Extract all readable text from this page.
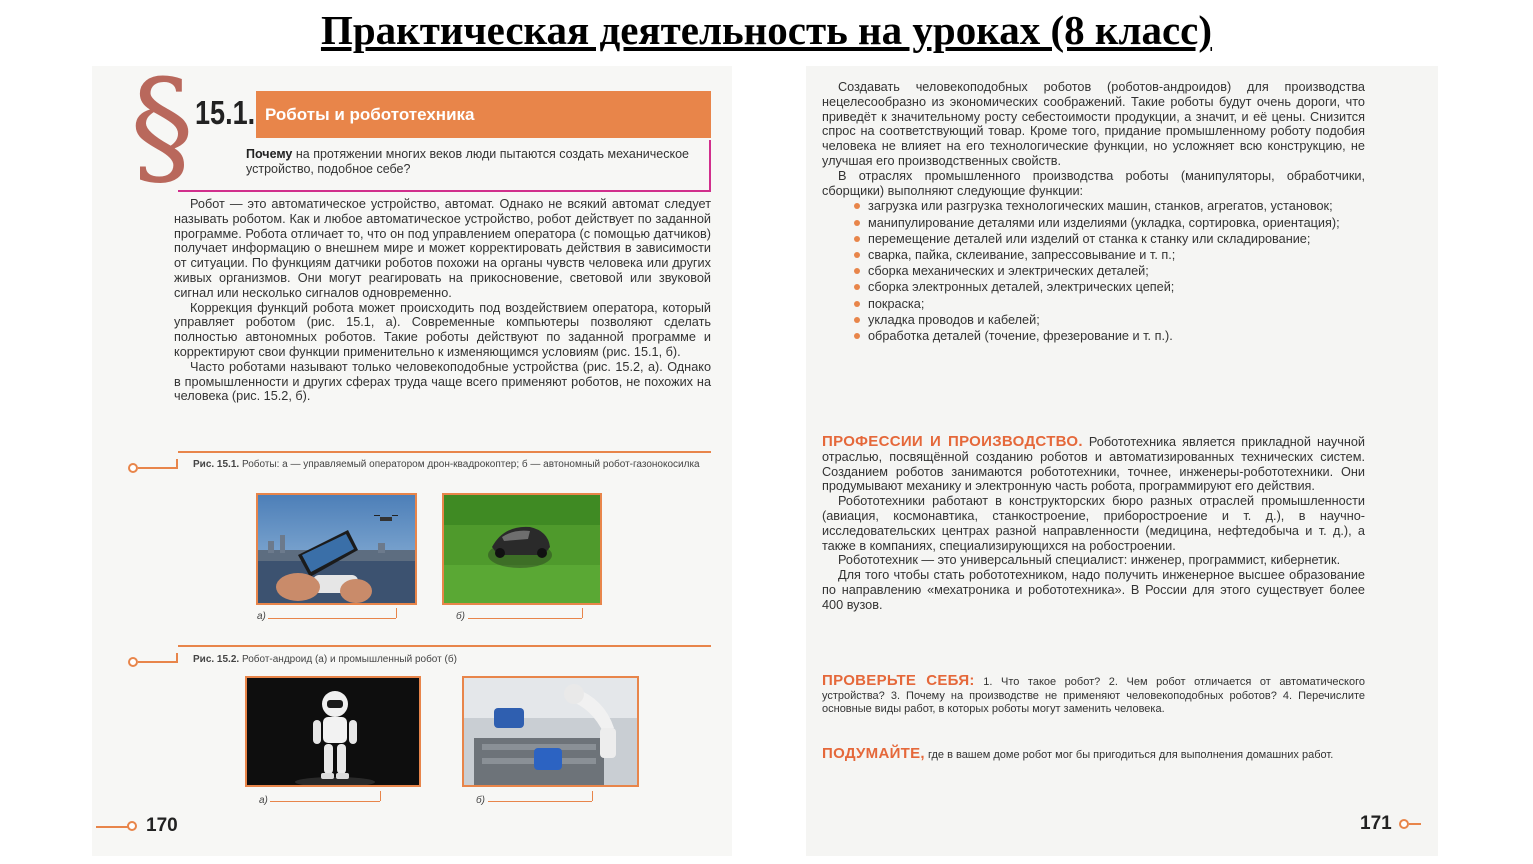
Практическая деятельность на уроках (8 класс)
§ 15.1. Роботы и робототехника
Почему на протяжении многих веков люди пытаются создать механическое устройство, подобное себе?

Робот — это автоматическое устройство, автомат. Однако не всякий автомат следует называть роботом. Как и любое автоматическое устройство, робот действует по заданной программе. Робота отличает то, что он под управлением оператора (с помощью датчиков) получает информацию о внешнем мире и может корректировать действия в зависимости от ситуации. По функциям датчики роботов похожи на органы чувств человека или других живых организмов. Они могут реагировать на прикосновение, световой или звуковой сигнал или несколько сигналов одновременно.

Коррекция функций робота может происходить под воздействием оператора, который управляет роботом (рис. 15.1, а). Современные компьютеры позволяют сделать полностью автономных роботов. Такие роботы действуют по заданной программе и корректируют свои функции применительно к изменяющимся условиям (рис. 15.1, б).

Часто роботами называют только человекоподобные устройства (рис. 15.2, а). Однако в промышленности и других сферах труда чаще всего применяют роботов, не похожих на человека (рис. 15.2, б).

Рис. 15.1. Роботы: а — управляемый оператором дрон-квадрокоптер; б — автономный робот-газонокосилка
а)	б)
Рис. 15.2. Робот-андроид (а) и промышленный робот (б)
а)	б)
170

Создавать человекоподобных роботов (роботов-андроидов) для производства нецелесообразно из экономических соображений. Такие роботы будут очень дороги, что приведёт к значительному росту себестоимости продукции, а значит, и её цены. Снизится спрос на соответствующий товар. Кроме того, придание промышленному роботу подобия человека не влияет на его технологические функции, но усложняет всю конструкцию, не улучшая его производственных свойств.

В отраслях промышленного производства роботы (манипуляторы, обработчики, сборщики) выполняют следующие функции:

загрузка или разгрузка технологических машин, станков, агрегатов, установок;
манипулирование деталями или изделиями (укладка, сортировка, ориентация);
перемещение деталей или изделий от станка к станку или складирование;
сварка, пайка, склеивание, запрессовывание и т. п.;
сборка механических и электрических деталей;
сборка электронных деталей, электрических цепей;
покраска;
укладка проводов и кабелей;
обработка деталей (точение, фрезерование и т. п.).
ПРОФЕССИИ И ПРОИЗВОДСТВО. Робототехника является прикладной научной отраслью, посвящённой созданию роботов и автоматизированных технических систем. Созданием роботов занимаются робототехники, точнее, инженеры-робототехники. Они продумывают механику и электронную часть робота, программируют его действия.

Робототехники работают в конструкторских бюро разных отраслей промышленности (авиация, космонавтика, станкостроение, приборостроение и т. д.), в научно-исследовательских центрах разной направленности (медицина, нефтедобыча и т. д.), а также в компаниях, специализирующихся на робостроении.

Робототехник — это универсальный специалист: инженер, программист, кибернетик.

Для того чтобы стать робототехником, надо получить инженерное высшее образование по направлению «мехатроника и робототехника». В России для этого существует более 400 вузов.

ПРОВЕРЬТЕ СЕБЯ: 1. Что такое робот? 2. Чем робот отличается от автоматического устройства? 3. Почему на производстве не применяют человекоподобных роботов? 4. Перечислите основные виды работ, в которых роботы могут заменить человека.
ПОДУМАЙТЕ, где в вашем доме робот мог бы пригодиться для выполнения домашних работ.
171
